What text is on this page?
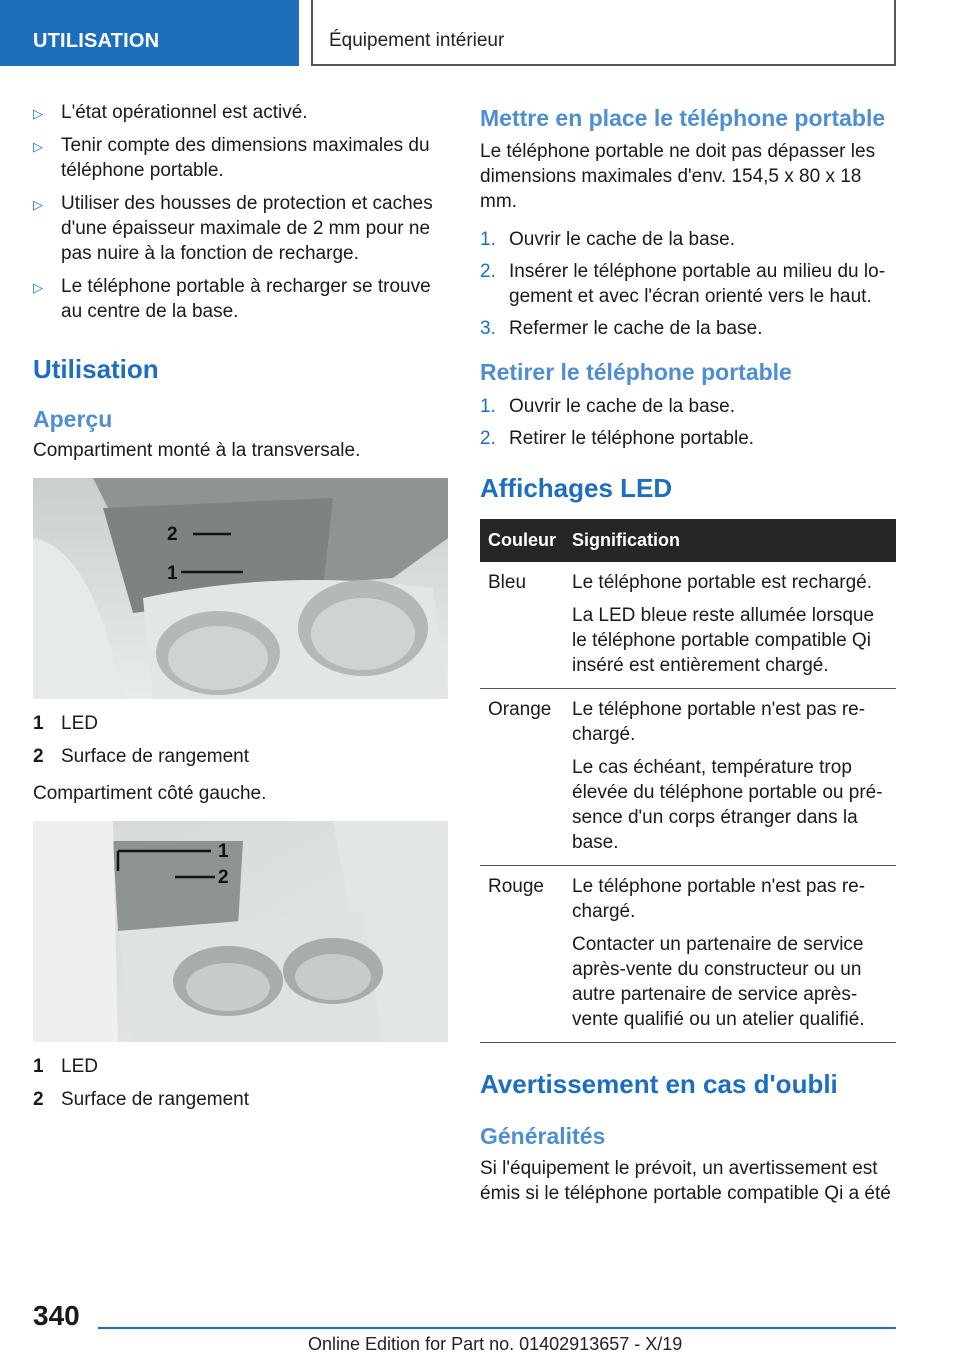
UTILISATION	Équipement intérieur
▷ L'état opérationnel est activé.
▷ Tenir compte des dimensions maximales du téléphone portable.
▷ Utiliser des housses de protection et caches d'une épaisseur maximale de 2 mm pour ne pas nuire à la fonction de recharge.
▷ Le téléphone portable à recharger se trouve au centre de la base.
Utilisation
Aperçu

Compartiment monté à la transversale.

2
1
1 LED
2 Surface de rangement

Compartiment côté gauche.

1
2
1 LED
2 Surface de rangement
Mettre en place le téléphone portable

Le téléphone portable ne doit pas dépasser les dimensions maximales d'env. 154,5 x 80 x 18 mm.

1. Ouvrir le cache de la base.
2. Insérer le téléphone portable au milieu du logement et avec l'écran orienté vers le haut.
3. Refermer le cache de la base.
Retirer le téléphone portable
1. Ouvrir le cache de la base.
2. Retirer le téléphone portable.
Affichages LED
Couleur	Signification
Bleu	Le téléphone portable est rechargé.

La LED bleue reste allumée lorsque le téléphone portable compatible Qi inséré est entièrement chargé.

Orange	Le téléphone portable n'est pas rechargé.

Le cas échéant, température trop élevée du téléphone portable ou présence d'un corps étranger dans la base.

Rouge	Le téléphone portable n'est pas rechargé.

Contacter un partenaire de service après-vente du constructeur ou un autre partenaire de service après-vente qualifié ou un atelier qualifié.

Avertissement en cas d'oubli
Généralités

Si l'équipement le prévoit, un avertissement est émis si le téléphone portable compatible Qi a été

340
Online Edition for Part no. 01402913657 - X/19
